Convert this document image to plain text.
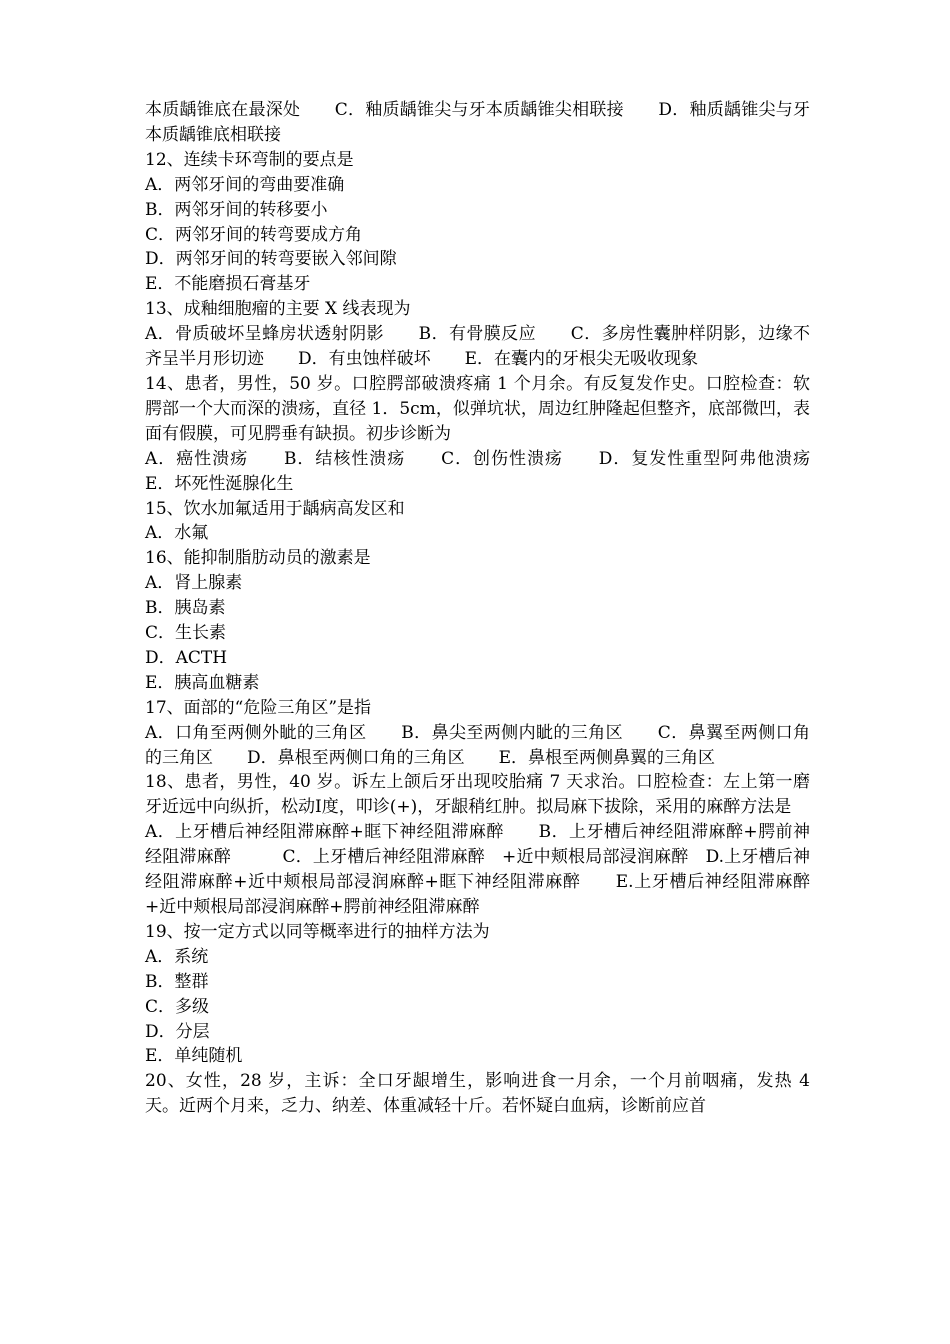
本质龋锥底在最深处　　C．釉质龋锥尖与牙本质龋锥尖相联接　　D．釉质龋锥尖与牙本质龋锥底相联接
12、连续卡环弯制的要点是
A．两邻牙间的弯曲要准确
B．两邻牙间的转移要小
C．两邻牙间的转弯要成方角
D．两邻牙间的转弯要嵌入邻间隙
E．不能磨损石膏基牙
13、成釉细胞瘤的主要 X 线表现为
A．骨质破坏呈蜂房状透射阴影　　B．有骨膜反应　　C．多房性囊肿样阴影，边缘不齐呈半月形切迹　　D．有虫蚀样破坏　　E．在囊内的牙根尖无吸收现象
14、患者，男性，50 岁。口腔腭部破溃疼痛 1 个月余。有反复发作史。口腔检查：软腭部一个大而深的溃疡，直径 1．5cm，似弹坑状，周边红肿隆起但整齐，底部微凹，表面有假膜，可见腭垂有缺损。初步诊断为
A．癌性溃疡　　B．结核性溃疡　　C．创伤性溃疡　　D．复发性重型阿弗他溃疡　　E．坏死性涎腺化生
15、饮水加氟适用于龋病高发区和
A．水氟
16、能抑制脂肪动员的激素是
A．肾上腺素
B．胰岛素
C．生长素
D．ACTH
E．胰高血糖素
17、面部的“危险三角区”是指
A．口角至两侧外眦的三角区　　B．鼻尖至两侧内眦的三角区　　C．鼻翼至两侧口角的三角区　　D．鼻根至两侧口角的三角区　　E．鼻根至两侧鼻翼的三角区
18、患者，男性，40 岁。诉左上颌后牙出现咬胎痛 7 天求治。口腔检查：左上第一磨牙近远中向纵折，松动Ⅰ度，叩诊(+)，牙龈稍红肿。拟局麻下拔除，采用的麻醉方法是
A．上牙槽后神经阻滞麻醉+眶下神经阻滞麻醉　　B．上牙槽后神经阻滞麻醉+腭前神经阻滞麻醉　　　C．上牙槽后神经阻滞麻醉　+近中颊根局部浸润麻醉　D.上牙槽后神经阻滞麻醉+近中颊根局部浸润麻醉+眶下神经阻滞麻醉　　E.上牙槽后神经阻滞麻醉+近中颊根局部浸润麻醉+腭前神经阻滞麻醉
19、按一定方式以同等概率进行的抽样方法为
A．系统
B．整群
C．多级
D．分层
E．单纯随机
20、女性，28 岁，主诉：全口牙龈增生，影响进食一月余，一个月前咽痛，发热 4 天。近两个月来，乏力、纳差、体重减轻十斤。若怀疑白血病，诊断前应首
